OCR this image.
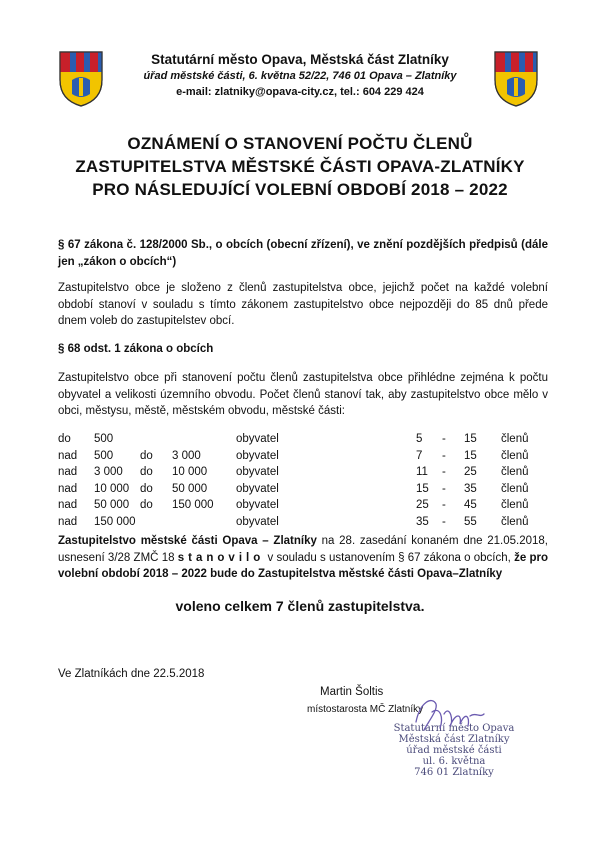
Statutární město Opava, Městská část Zlatníky
úřad městské části, 6. května 52/22, 746 01 Opava – Zlatníky
e-mail: zlatniky@opava-city.cz, tel.: 604 229 424
OZNÁMENÍ O STANOVENÍ POČTU ČLENŮ
ZASTUPITELSTVA MĚSTSKÉ ČÁSTI OPAVA-ZLATNÍKY
PRO NÁSLEDUJÍCÍ VOLEBNÍ OBDOBÍ 2018 – 2022
§ 67 zákona č. 128/2000 Sb., o obcích (obecní zřízení), ve znění pozdějších předpisů (dále jen „zákon o obcích“)
Zastupitelstvo obce je složeno z členů zastupitelstva obce, jejichž počet na každé volební období stanoví v souladu s tímto zákonem zastupitelstvo obce nejpozději do 85 dnů přede dnem voleb do zastupitelstev obcí.
§ 68 odst. 1 zákona o obcích
Zastupitelstvo obce při stanovení počtu členů zastupitelstva obce přihlédne zejména k počtu obyvatel a velikosti územního obvodu. Počet členů stanoví tak, aby zastupitelstvo obce mělo v obci, městysu, městě, městském obvodu, městské části:
do 500	obyvatel	5 - 15 členů
nad 500 do 3 000	obyvatel	7 - 15 členů
nad 3 000 do 10 000	obyvatel	11 - 25 členů
nad 10 000 do 50 000	obyvatel	15 - 35 členů
nad 50 000 do 150 000 obyvatel	25 - 45 členů
nad 150 000	obyvatel	35 - 55 členů
Zastupitelstvo městské části Opava – Zlatníky na 28. zasedání konaném dne 21.05.2018, usnesení 3/28 ZMČ 18 stanovilo v souladu s ustanovením § 67 zákona o obcích, že pro volební období 2018 – 2022 bude do Zastupitelstva městské části Opava–Zlatníky
voleno celkem 7 členů zastupitelstva.
Ve Zlatníkách dne 22.5.2018
Martin Šoltis
místostarosta MČ Zlatníky
Statutární město Opava
Městská část Zlatníky
úřad městské části
ul. 6. května
746 01 Zlatníky
